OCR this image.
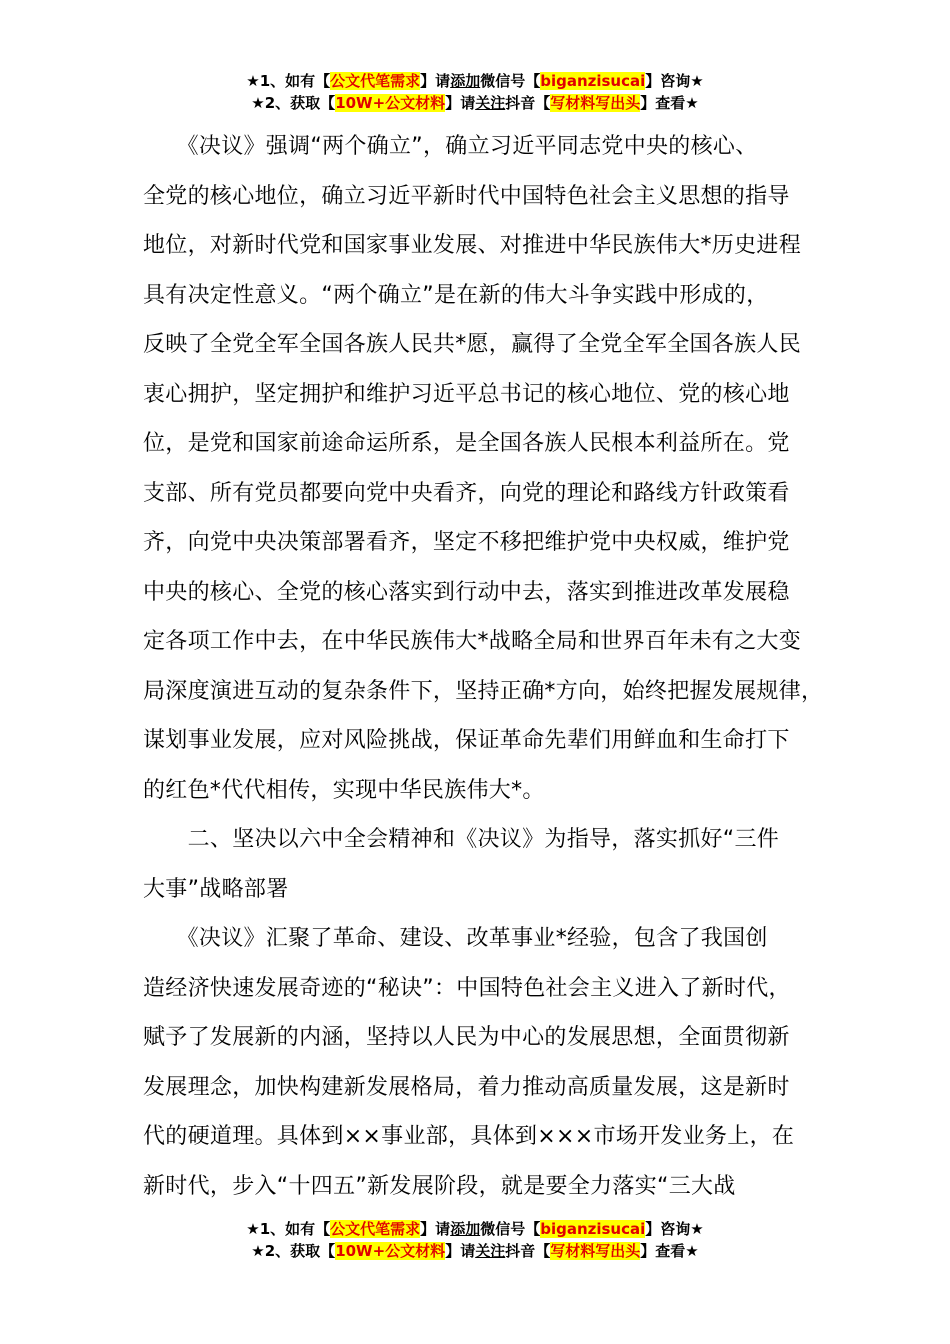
★1、如有【公文代笔需求】请添加微信号【biganzisucai】咨询★
★2、获取【10W+公文材料】请关注抖音【写材料写出头】查看★
　　《决议》强调“两个确立”，确立习近平同志党中央的核心、
全党的核心地位，确立习近平新时代中国特色社会主义思想的指导
地位，对新时代党和国家事业发展、对推进中华民族伟大*历史进程
具有决定性意义。“两个确立”是在新的伟大斗争实践中形成的，
反映了全党全军全国各族人民共*愿，赢得了全党全军全国各族人民
衷心拥护，坚定拥护和维护习近平总书记的核心地位、党的核心地
位，是党和国家前途命运所系，是全国各族人民根本利益所在。党
支部、所有党员都要向党中央看齐，向党的理论和路线方针政策看
齐，向党中央决策部署看齐，坚定不移把维护党中央权威，维护党
中央的核心、全党的核心落实到行动中去，落实到推进改革发展稳
定各项工作中去，在中华民族伟大*战略全局和世界百年未有之大变
局深度演进互动的复杂条件下，坚持正确*方向，始终把握发展规律，
谋划事业发展，应对风险挑战，保证革命先辈们用鲜血和生命打下
的红色*代代相传，实现中华民族伟大*。
　　二、坚决以六中全会精神和《决议》为指导，落实抓好“三件
大事”战略部署
　　《决议》汇聚了革命、建设、改革事业*经验，包含了我国创
造经济快速发展奇迹的“秘诀”：中国特色社会主义进入了新时代，
赋予了发展新的内涵，坚持以人民为中心的发展思想，全面贯彻新
发展理念，加快构建新发展格局，着力推动高质量发展，这是新时
代的硬道理。具体到××事业部，具体到×××市场开发业务上，在
新时代，步入“十四五”新发展阶段，就是要全力落实“三大战
★1、如有【公文代笔需求】请添加微信号【biganzisucai】咨询★
★2、获取【10W+公文材料】请关注抖音【写材料写出头】查看★
